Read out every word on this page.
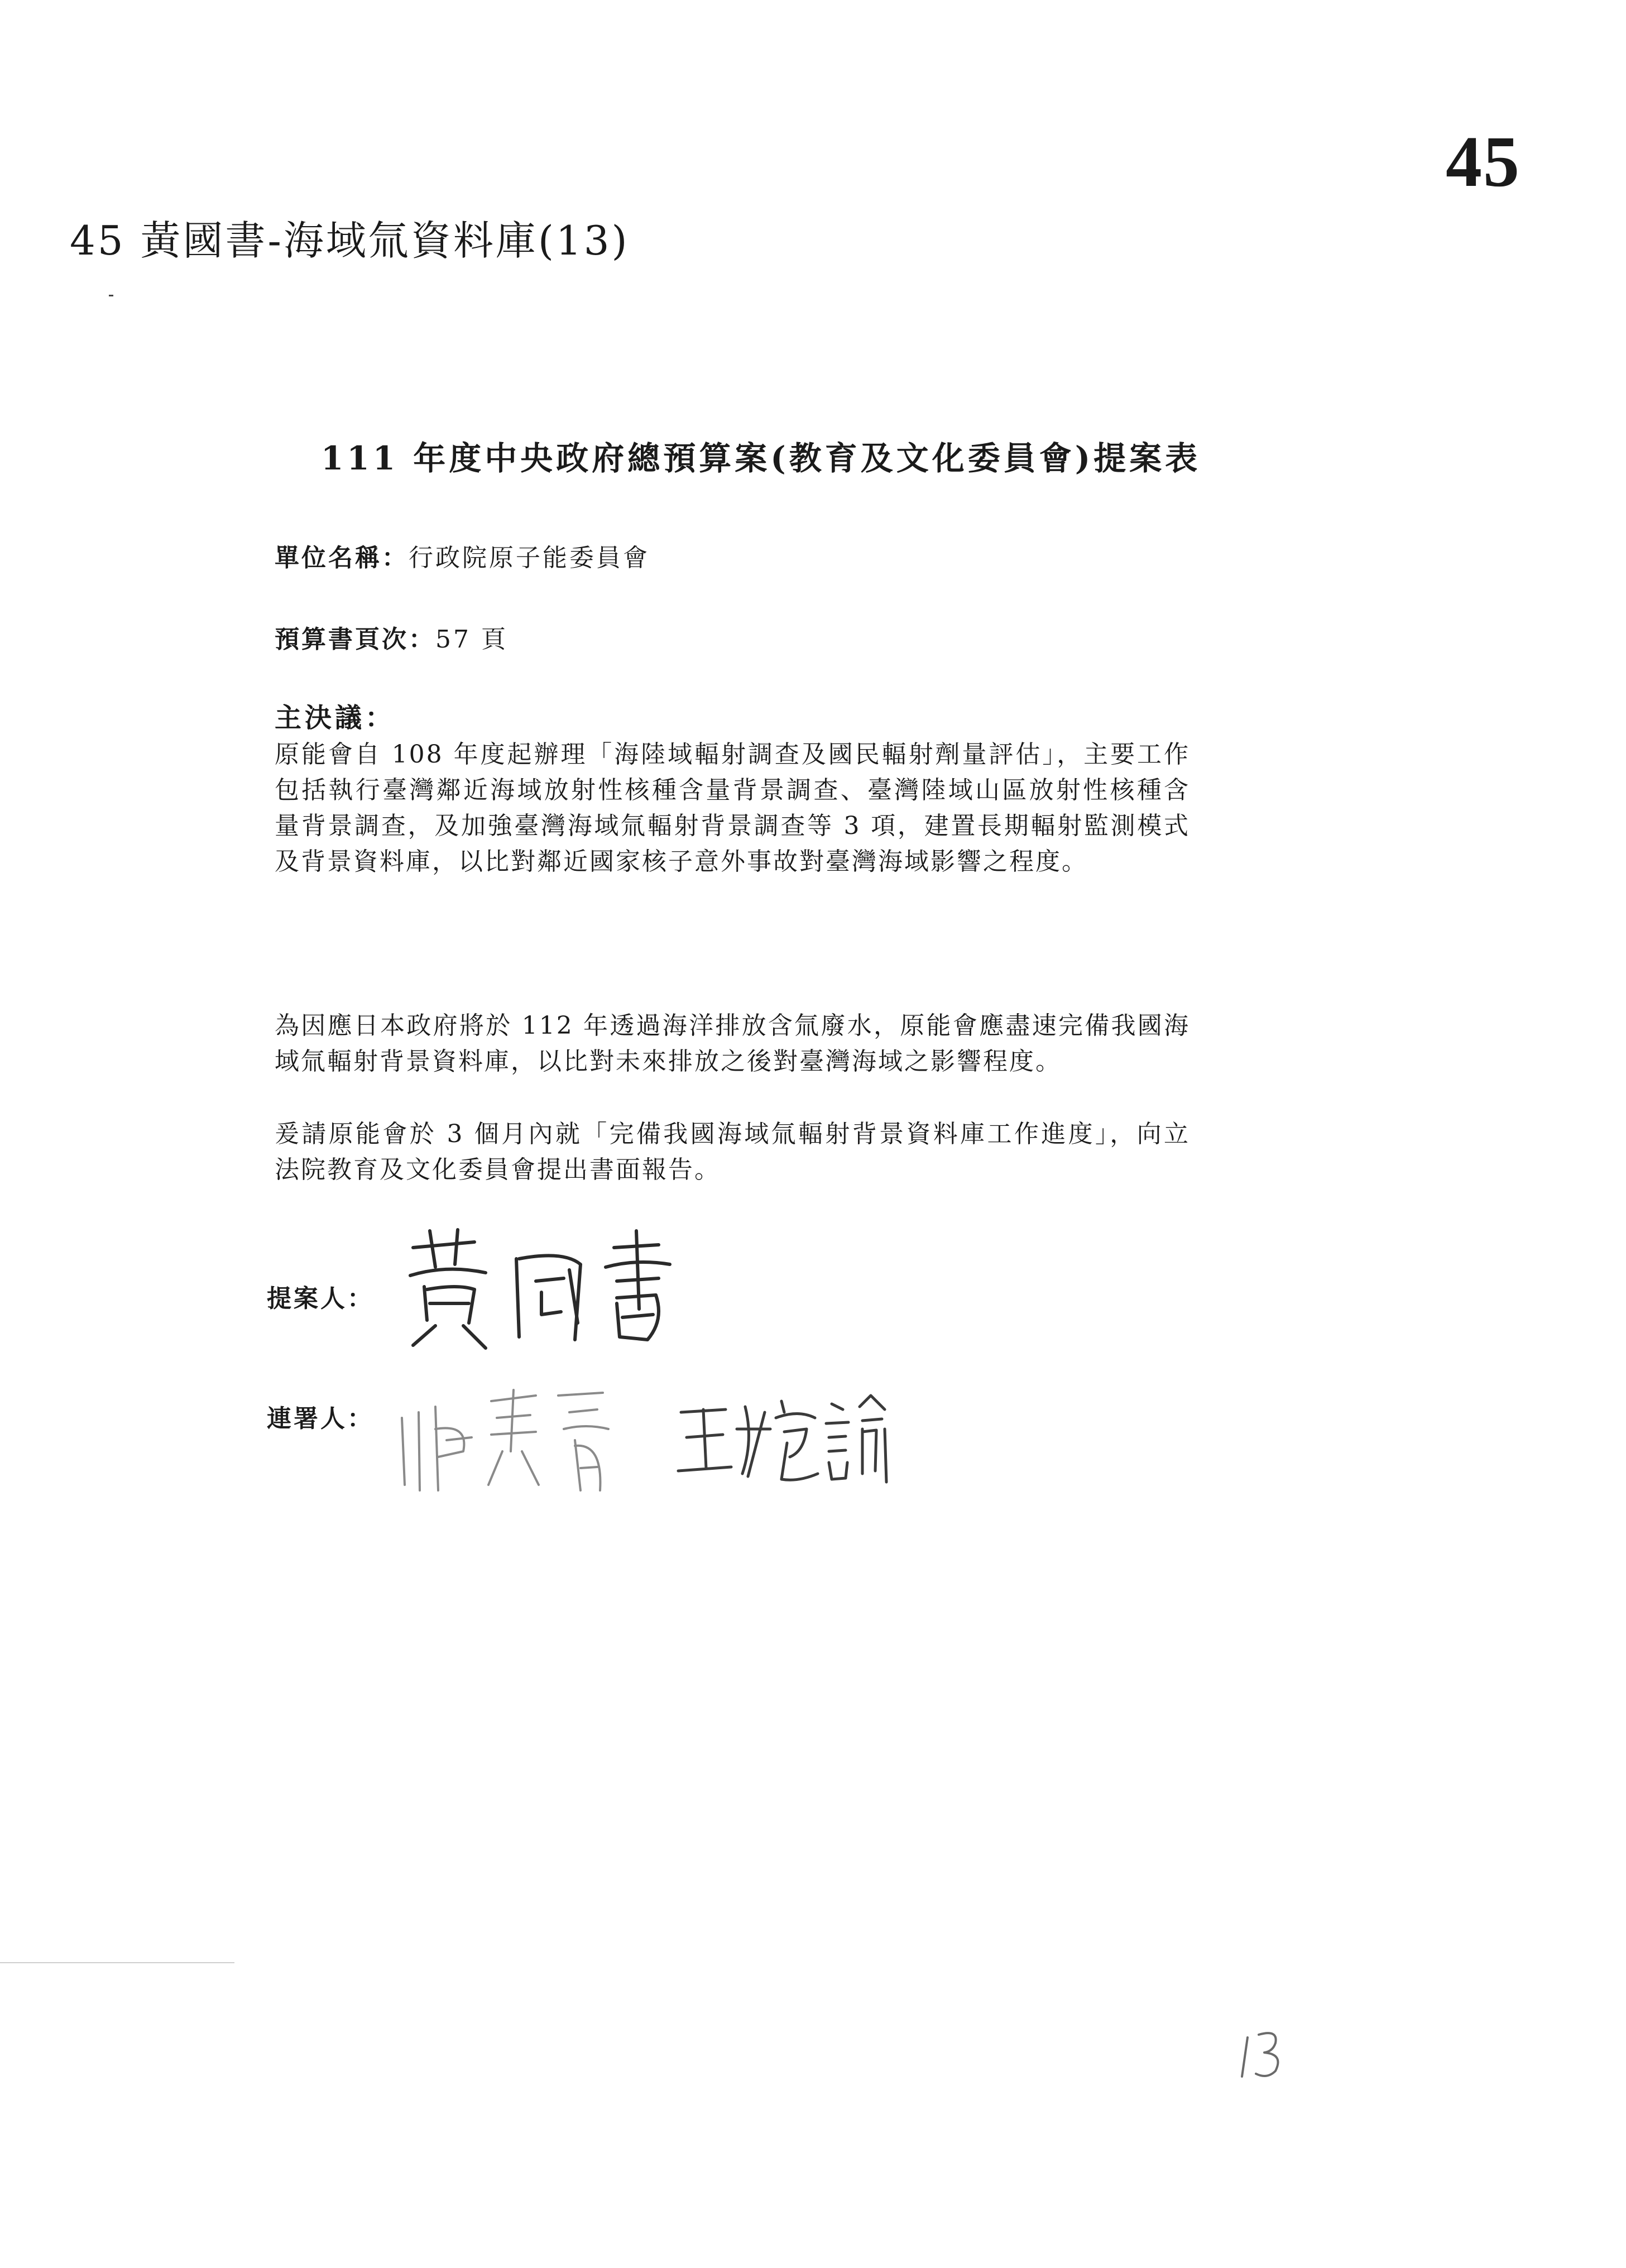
45
45 黃國書-海域氚資料庫(13)
111 年度中央政府總預算案(教育及文化委員會)提案表
單位名稱：行政院原子能委員會
預算書頁次：57 頁
主決議：
原能會自 108 年度起辦理「海陸域輻射調查及國民輻射劑量評估」，主要工作包括執行臺灣鄰近海域放射性核種含量背景調查、臺灣陸域山區放射性核種含量背景調查，及加強臺灣海域氚輻射背景調查等 3 項，建置長期輻射監測模式及背景資料庫，以比對鄰近國家核子意外事故對臺灣海域影響之程度。
為因應日本政府將於 112 年透過海洋排放含氚廢水，原能會應盡速完備我國海域氚輻射背景資料庫，以比對未來排放之後對臺灣海域之影響程度。
爰請原能會於 3 個月內就「完備我國海域氚輻射背景資料庫工作進度」，向立法院教育及文化委員會提出書面報告。
提案人：
連署人：
